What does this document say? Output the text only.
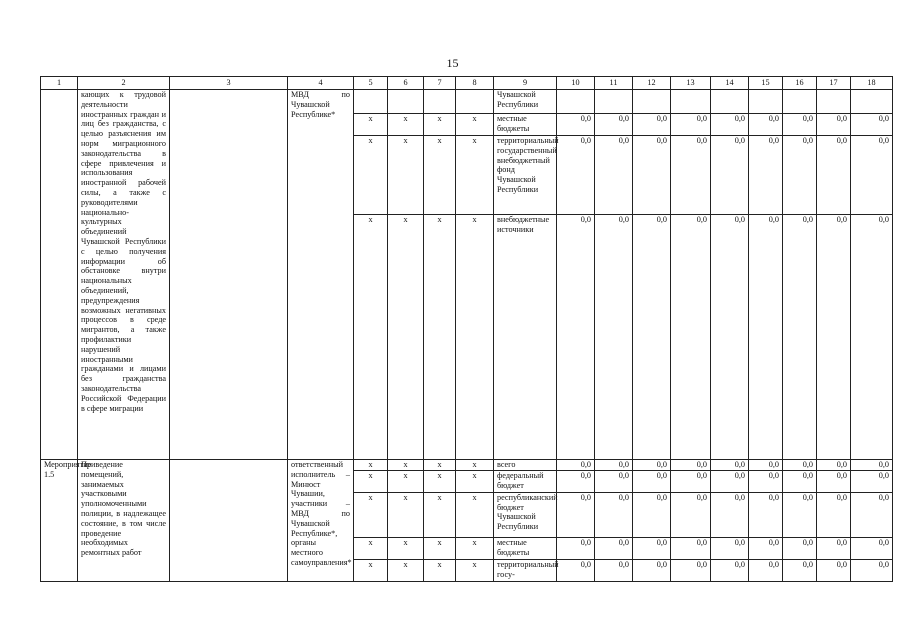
15
1	2	3	4	5	6	7	8	9	10	11	12	13	14	15	16	17	18
	кающих к трудовой деятельности иностранных граждан и лиц без гражданства, с целью разъяснения им норм миграционного законодательства в сфере привлечения и использования иностранной рабочей силы, а также с руководителями национально-культурных объединений Чувашской Республики с целью получения информации об обстановке внутри национальных объединений, предупреждения возможных негативных процессов в среде мигрантов, а также профилактики нарушений иностранными гражданами и лицами без гражданства законодательства Российской Федерации в сфере миграции		МВД по Чувашской Республике*					Чувашской Республики									
				x	x	x	x	местные бюджеты	0,0	0,0	0,0	0,0	0,0	0,0	0,0	0,0	0,0
				x	x	x	x	территориальный государственный внебюджетный фонд Чувашской Республики	0,0	0,0	0,0	0,0	0,0	0,0	0,0	0,0	0,0
				x	x	x	x	внебюджетные источники	0,0	0,0	0,0	0,0	0,0	0,0	0,0	0,0	0,0
Мероприятие 1.5	Приведение помещений, занимаемых участковыми уполномоченными полиции, в надлежащее состояние, в том числе проведение необходимых ремонтных работ		ответственный исполнитель – Минюст Чувашии, участники – МВД по Чувашской Республике*, органы местного самоуправления*	x	x	x	x	всего	0,0	0,0	0,0	0,0	0,0	0,0	0,0	0,0	0,0
				x	x	x	x	федеральный бюджет	0,0	0,0	0,0	0,0	0,0	0,0	0,0	0,0	0,0
				x	x	x	x	республиканский бюджет Чувашской Республики	0,0	0,0	0,0	0,0	0,0	0,0	0,0	0,0	0,0
				x	x	x	x	местные бюджеты	0,0	0,0	0,0	0,0	0,0	0,0	0,0	0,0	0,0
				x	x	x	x	территориальный госу-	0,0	0,0	0,0	0,0	0,0	0,0	0,0	0,0	0,0
